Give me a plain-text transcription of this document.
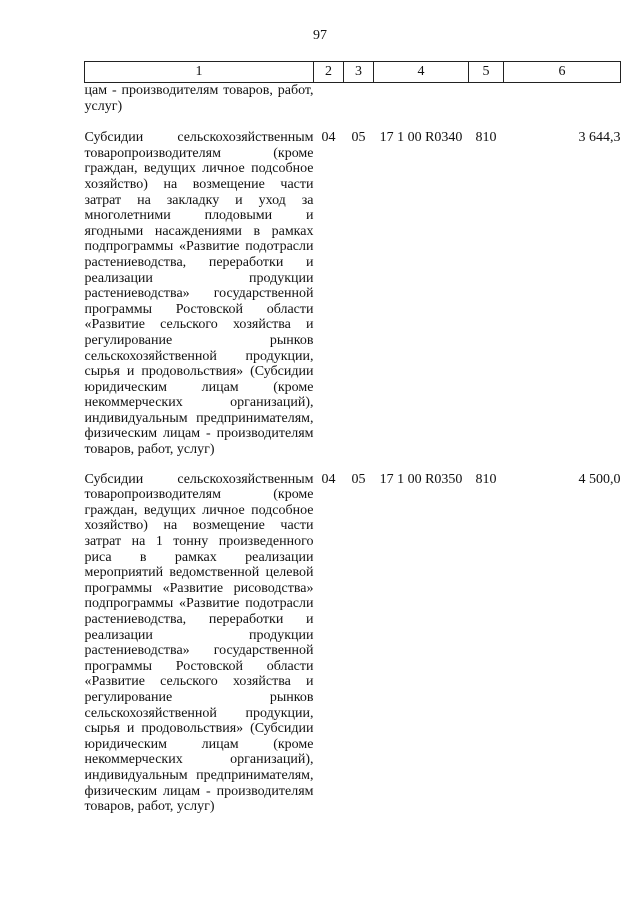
97
1	2	3	4	5	6
цам - производителям товаров, работ, услуг)					
Субсидии сельскохозяйственным товаропроизводителям (кроме граждан, ведущих личное подсобное хозяйство) на возмещение части затрат на закладку и уход за многолетними плодовыми и ягодными насаждениями в рамках подпрограммы «Развитие подотрасли растениеводства, переработки и реализации продукции растениеводства» государственной программы Ростовской области «Развитие сельского хозяйства и регулирование рынков сельскохозяйственной продукции, сырья и продовольствия» (Субсидии юридическим лицам (кроме некоммерческих организаций), индивидуальным предпринимателям, физическим лицам - производителям товаров, работ, услуг)	04	05	17 1 00 R0340	810	3 644,3
Субсидии сельскохозяйственным товаропроизводителям (кроме граждан, ведущих личное подсобное хозяйство) на возмещение части затрат на 1 тонну произведенного риса в рамках реализации мероприятий ведомственной целевой программы «Развитие рисоводства» подпрограммы «Развитие подотрасли растениеводства, переработки и реализации продукции растениеводства» государственной программы Ростовской области «Развитие сельского хозяйства и регулирование рынков сельскохозяйственной продукции, сырья и продовольствия» (Субсидии юридическим лицам (кроме некоммерческих организаций), индивидуальным предпринимателям, физическим лицам - производителям товаров, работ, услуг)	04	05	17 1 00 R0350	810	4 500,0
